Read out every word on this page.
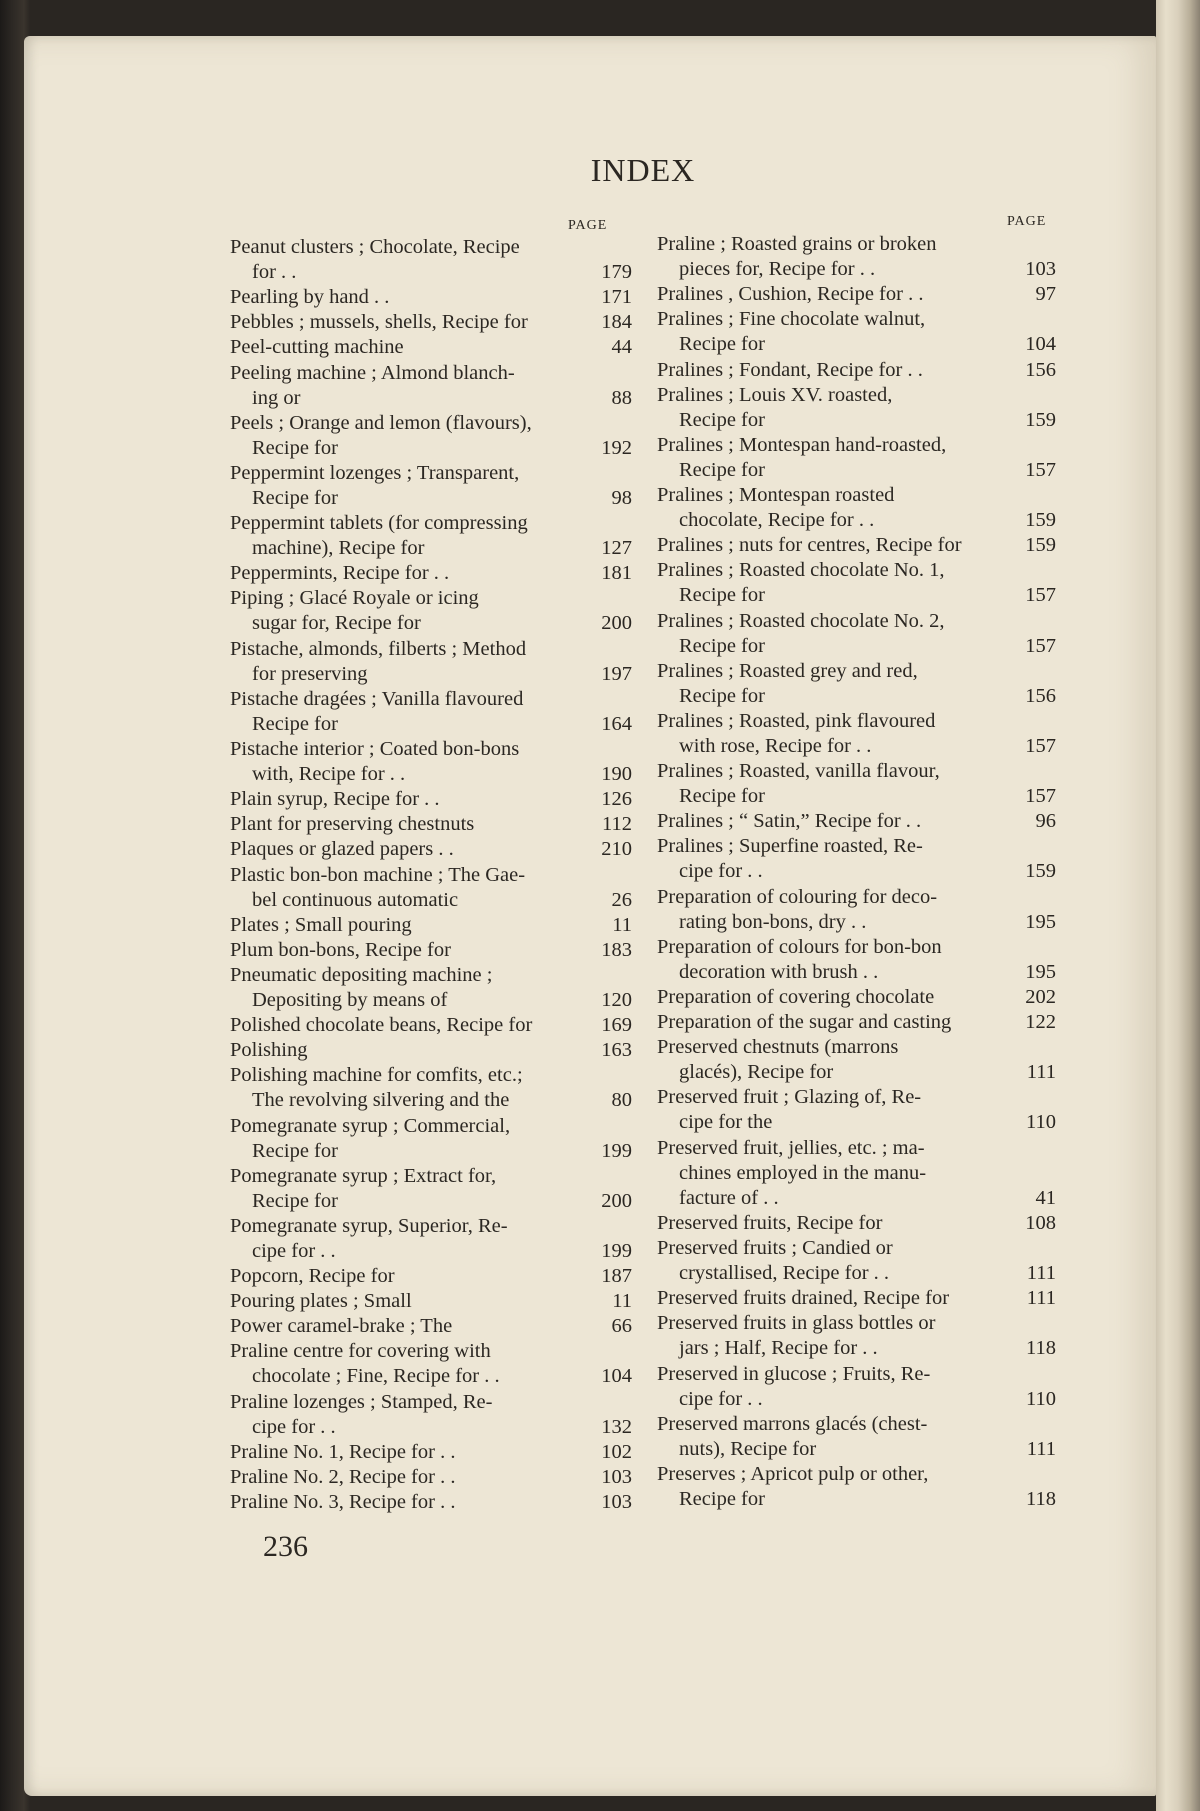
INDEX
PAGE	PAGE
Peanut clusters ; Chocolate, Recipe
for . .	179
Pearling by hand . .	171
Pebbles ; mussels, shells, Recipe for	184
Peel-cutting machine	44
Peeling machine ; Almond blanch-
ing or	88
Peels ; Orange and lemon (flavours),
Recipe for	192
Peppermint lozenges ; Transparent,
Recipe for	98
Peppermint tablets (for compressing
machine), Recipe for	127
Peppermints, Recipe for . .	181
Piping ; Glacé Royale or icing
sugar for, Recipe for	200
Pistache, almonds, filberts ; Method
for preserving	197
Pistache dragées ; Vanilla flavoured
Recipe for	164
Pistache interior ; Coated bon-bons
with, Recipe for . .	190
Plain syrup, Recipe for . .	126
Plant for preserving chestnuts	112
Plaques or glazed papers . .	210
Plastic bon-bon machine ; The Gae-
bel continuous automatic	26
Plates ; Small pouring	11
Plum bon-bons, Recipe for	183
Pneumatic depositing machine ;
Depositing by means of	120
Polished chocolate beans, Recipe for	169
Polishing	163
Polishing machine for comfits, etc.;
The revolving silvering and the	80
Pomegranate syrup ; Commercial,
Recipe for	199
Pomegranate syrup ; Extract for,
Recipe for	200
Pomegranate syrup, Superior, Re-
cipe for . .	199
Popcorn, Recipe for	187
Pouring plates ; Small	11
Power caramel-brake ; The	66
Praline centre for covering with
chocolate ; Fine, Recipe for . .	104
Praline lozenges ; Stamped, Re-
cipe for . .	132
Praline No. 1, Recipe for . .	102
Praline No. 2, Recipe for . .	103
Praline No. 3, Recipe for . .	103
Praline ; Roasted grains or broken
pieces for, Recipe for . .	103
Pralines , Cushion, Recipe for . .	97
Pralines ; Fine chocolate walnut,
Recipe for	104
Pralines ; Fondant, Recipe for . .	156
Pralines ; Louis XV. roasted,
Recipe for	159
Pralines ; Montespan hand-roasted,
Recipe for	157
Pralines ; Montespan roasted
chocolate, Recipe for . .	159
Pralines ; nuts for centres, Recipe for	159
Pralines ; Roasted chocolate No. 1,
Recipe for	157
Pralines ; Roasted chocolate No. 2,
Recipe for	157
Pralines ; Roasted grey and red,
Recipe for	156
Pralines ; Roasted, pink flavoured
with rose, Recipe for . .	157
Pralines ; Roasted, vanilla flavour,
Recipe for	157
Pralines ; “ Satin,” Recipe for . .	96
Pralines ; Superfine roasted, Re-
cipe for . .	159
Preparation of colouring for deco-
rating bon-bons, dry . .	195
Preparation of colours for bon-bon
decoration with brush . .	195
Preparation of covering chocolate	202
Preparation of the sugar and casting	122
Preserved chestnuts (marrons
glacés), Recipe for	111
Preserved fruit ; Glazing of, Re-
cipe for the	110
Preserved fruit, jellies, etc. ; ma-
chines employed in the manu-
facture of . .	41
Preserved fruits, Recipe for	108
Preserved fruits ; Candied or
crystallised, Recipe for . .	111
Preserved fruits drained, Recipe for	111
Preserved fruits in glass bottles or
jars ; Half, Recipe for . .	118
Preserved in glucose ; Fruits, Re-
cipe for . .	110
Preserved marrons glacés (chest-
nuts), Recipe for	111
Preserves ; Apricot pulp or other,
Recipe for	118
236
